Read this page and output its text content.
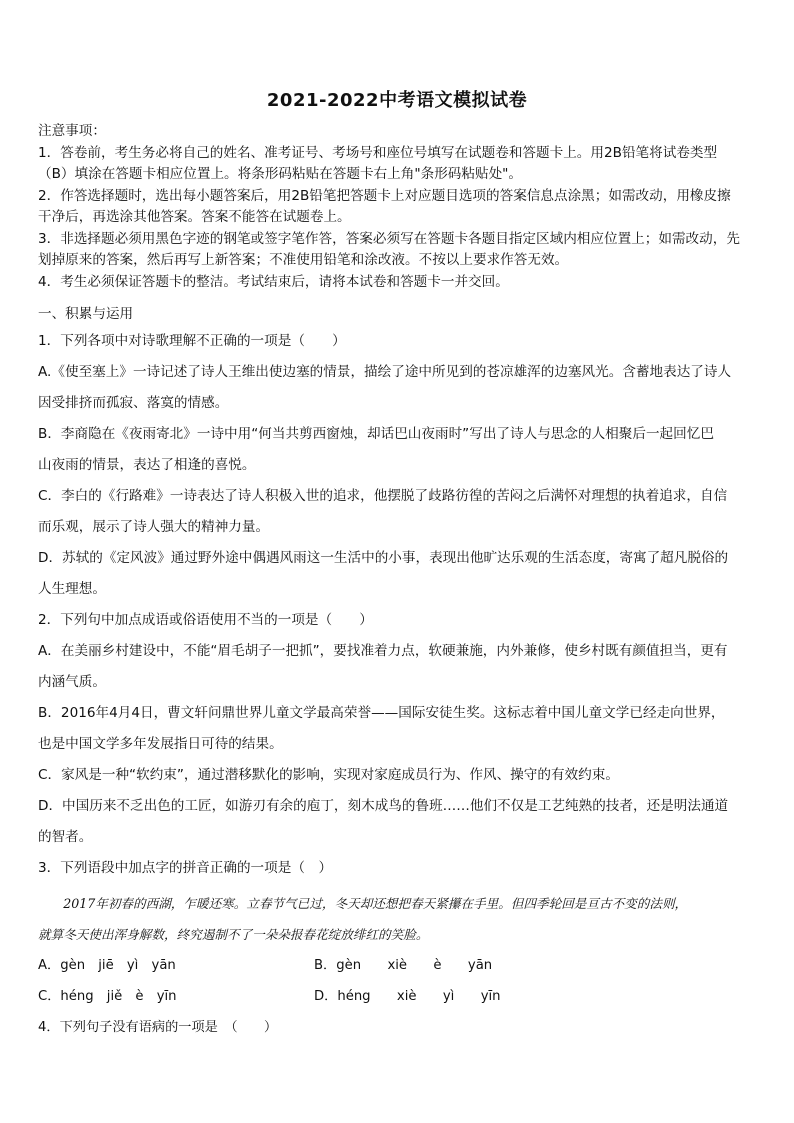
2021-2022中考语文模拟试卷
注意事项：
1．答卷前，考生务必将自己的姓名、准考证号、考场号和座位号填写在试题卷和答题卡上。用2B铅笔将试卷类型
（B）填涂在答题卡相应位置上。将条形码粘贴在答题卡右上角"条形码粘贴处"。
2．作答选择题时，选出每小题答案后，用2B铅笔把答题卡上对应题目选项的答案信息点涂黑；如需改动，用橡皮擦
干净后，再选涂其他答案。答案不能答在试题卷上。
3．非选择题必须用黑色字迹的钢笔或签字笔作答，答案必须写在答题卡各题目指定区域内相应位置上；如需改动，先
划掉原来的答案，然后再写上新答案；不准使用铅笔和涂改液。不按以上要求作答无效。
4．考生必须保证答题卡的整洁。考试结束后，请将本试卷和答题卡一并交回。
一、积累与运用
1．下列各项中对诗歌理解不正确的一项是（　　）
A.《使至塞上》一诗记述了诗人王维出使边塞的情景，描绘了途中所见到的苍凉雄浑的边塞风光。含蓄地表达了诗人
因受排挤而孤寂、落寞的情感。
B．李商隐在《夜雨寄北》一诗中用“何当共剪西窗烛，却话巴山夜雨时”写出了诗人与思念的人相聚后一起回忆巴
山夜雨的情景，表达了相逢的喜悦。
C．李白的《行路难》一诗表达了诗人积极入世的追求，他摆脱了歧路彷徨的苦闷之后满怀对理想的执着追求，自信
而乐观，展示了诗人强大的精神力量。
D．苏轼的《定风波》通过野外途中偶遇风雨这一生活中的小事，表现出他旷达乐观的生活态度，寄寓了超凡脱俗的
人生理想。
2．下列句中加点成语或俗语使用不当的一项是（　　）
A．在美丽乡村建设中，不能“眉毛胡子一把抓”，要找准着力点，软硬兼施，内外兼修，使乡村既有颜值担当，更有
内涵气质。
B．2016年4月4日，曹文轩问鼎世界儿童文学最高荣誉——国际安徒生奖。这标志着中国儿童文学已经走向世界，
也是中国文学多年发展指日可待的结果。
C．家风是一种“软约束”，通过潜移默化的影响，实现对家庭成员行为、作风、操守的有效约束。
D．中国历来不乏出色的工匠，如游刃有余的庖丁，刻木成鸟的鲁班……他们不仅是工艺纯熟的技者，还是明法通道
的智者。
3．下列语段中加点字的拼音正确的一项是（　）
　　2017年初春的西湖，乍暖还寒。立春节气已过，冬天却还想把春天紧攥在手里。但四季轮回是亘古不变的法则，
就算冬天使出浑身解数，终究遏制不了一朵朵报春花绽放绯红的笑脸。
A．gèn　jiē　yì　yān	B．gèn　　xiè　　è　　yān
C．héng　jiě　è　yīn	D．héng　　xiè　　yì　　yīn
4．下列句子没有语病的一项是　（　　）
